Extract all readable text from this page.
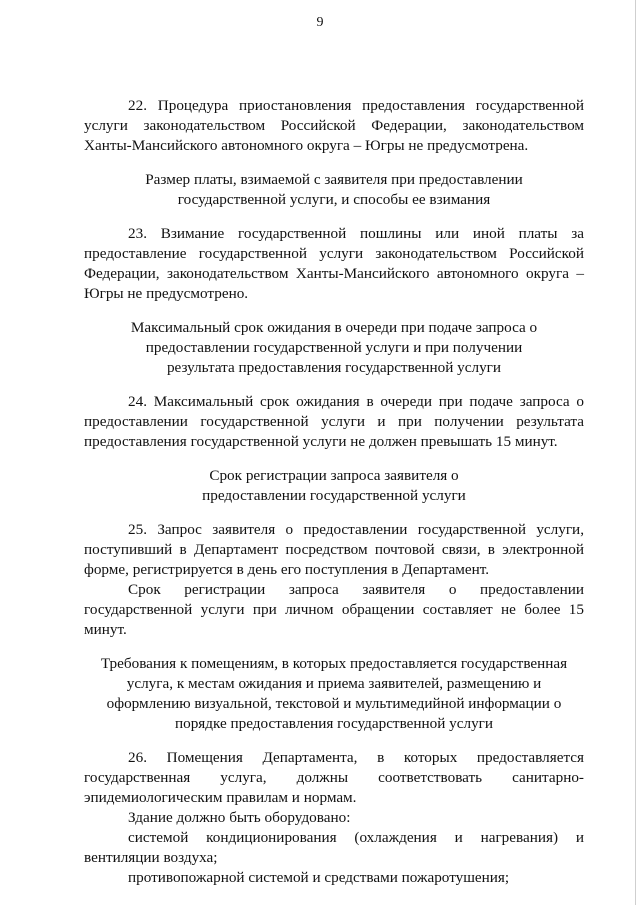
9

22. Процедура приостановления предоставления государственной услуги законодательством Российской Федерации, законодательством Ханты-Мансийского автономного округа – Югры не предусмотрена.

Размер платы, взимаемой с заявителя при предоставлении государственной услуги, и способы ее взимания

23. Взимание государственной пошлины или иной платы за предоставление государственной услуги законодательством Российской Федерации, законодательством Ханты-Мансийского автономного округа – Югры не предусмотрено.

Максимальный срок ожидания в очереди при подаче запроса о предоставлении государственной услуги и при получении результата предоставления государственной услуги

24. Максимальный срок ожидания в очереди при подаче запроса о предоставлении государственной услуги и при получении результата предоставления государственной услуги не должен превышать 15 минут.

Срок регистрации запроса заявителя о предоставлении государственной услуги

25. Запрос заявителя о предоставлении государственной услуги, поступивший в Департамент посредством почтовой связи, в электронной форме, регистрируется в день его поступления в Департамент.

Срок регистрации запроса заявителя о предоставлении государственной услуги при личном обращении составляет не более 15 минут.

Требования к помещениям, в которых предоставляется государственная услуга, к местам ожидания и приема заявителей, размещению и оформлению визуальной, текстовой и мультимедийной информации о порядке предоставления государственной услуги

26. Помещения Департамента, в которых предоставляется государственная услуга, должны соответствовать санитарно-эпидемиологическим правилам и нормам.

Здание должно быть оборудовано:

системой кондиционирования (охлаждения и нагревания) и вентиляции воздуха;

противопожарной системой и средствами пожаротушения;
